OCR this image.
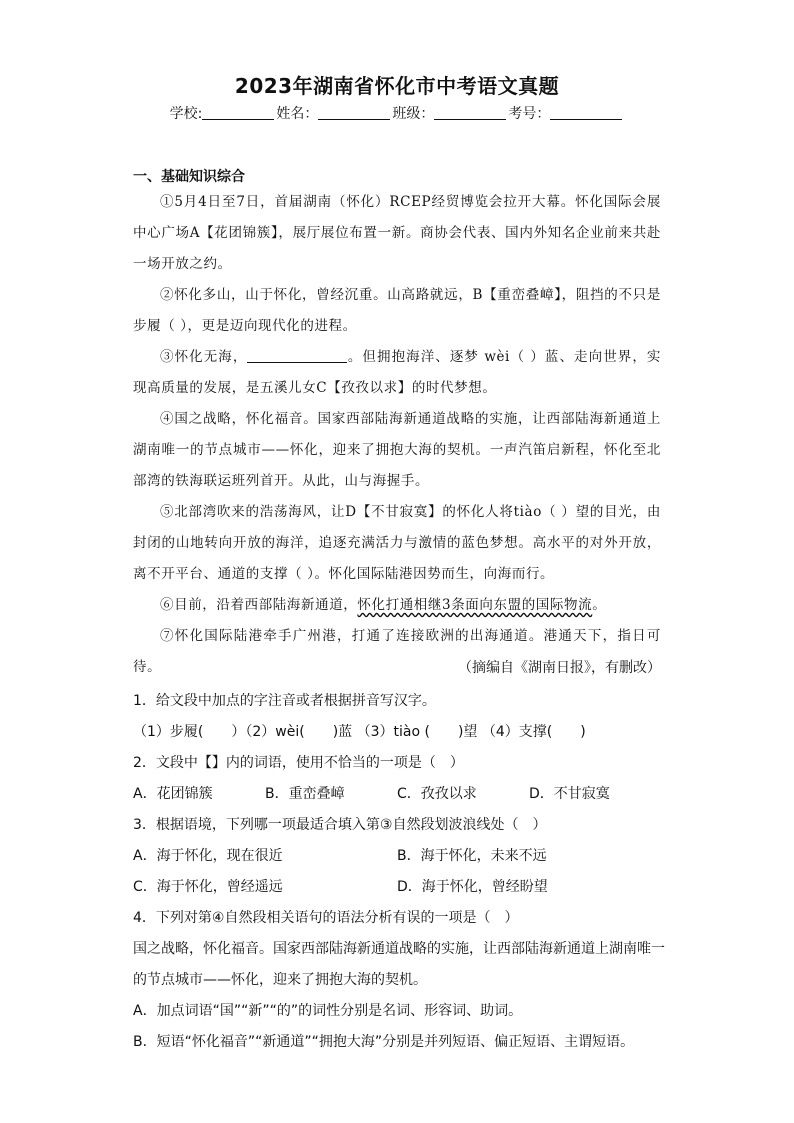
2023年湖南省怀化市中考语文真题
学校:	姓名：	班级：	考号：
一、基础知识综合

①5月4日至7日，首届湖南（怀化）RCEP经贸博览会拉开大幕。怀化国际会展中心广场A【花团锦簇】，展厅展位布置一新。商协会代表、国内外知名企业前来共赴一场开放之约。

②怀化多山，山于怀化，曾经沉重。山高路就远，B【重峦叠嶂】，阻挡的不只是步履（ ），更是迈向现代化的进程。

③怀化无海，	。但拥抱海洋、逐梦 wèi（ ）蓝、走向世界，实现高质量的发展，是五溪儿女C【孜孜以求】的时代梦想。

④国之战略，怀化福音。国家西部陆海新通道战略的实施，让西部陆海新通道上湖南唯一的节点城市——怀化，迎来了拥抱大海的契机。一声汽笛启新程，怀化至北部湾的铁海联运班列首开。从此，山与海握手。

⑤北部湾吹来的浩荡海风，让D【不甘寂寞】的怀化人将tiào（ ）望的目光，由封闭的山地转向开放的海洋，追逐充满活力与激情的蓝色梦想。高水平的对外开放，离不开平台、通道的支撑（ ）。怀化国际陆港因势而生，向海而行。

⑥目前，沿着西部陆海新通道，怀化打通相继3条面向东盟的国际物流。

⑦怀化国际陆港牵手广州港，打通了连接欧洲的出海通道。港通天下，指日可待。	（摘编自《湖南日报》，有删改）

1．给文段中加点的字注音或者根据拼音写汉字。

（1）步履(　　）（2）wèi(　　)蓝 （3）tiào (　　)望 （4）支撑(　　)

2．文段中【】内的词语，使用不恰当的一项是（　）

A．花团锦簇	B．重峦叠嶂	C．孜孜以求	D．不甘寂寞

3．根据语境，下列哪一项最适合填入第③自然段划波浪线处（　）

A．海于怀化，现在很近	B．海于怀化，未来不远
C．海于怀化，曾经遥远	D．海于怀化，曾经盼望

4．下列对第④自然段相关语句的语法分析有误的一项是（　）

国之战略，怀化福音。国家西部陆海新通道战略的实施，让西部陆海新通道上湖南唯一

的节点城市——怀化，迎来了拥抱大海的契机。

A．加点词语“国”“新”“的”的词性分别是名词、形容词、助词。

B．短语“怀化福音”“新通道”“拥抱大海”分别是并列短语、偏正短语、主谓短语。
